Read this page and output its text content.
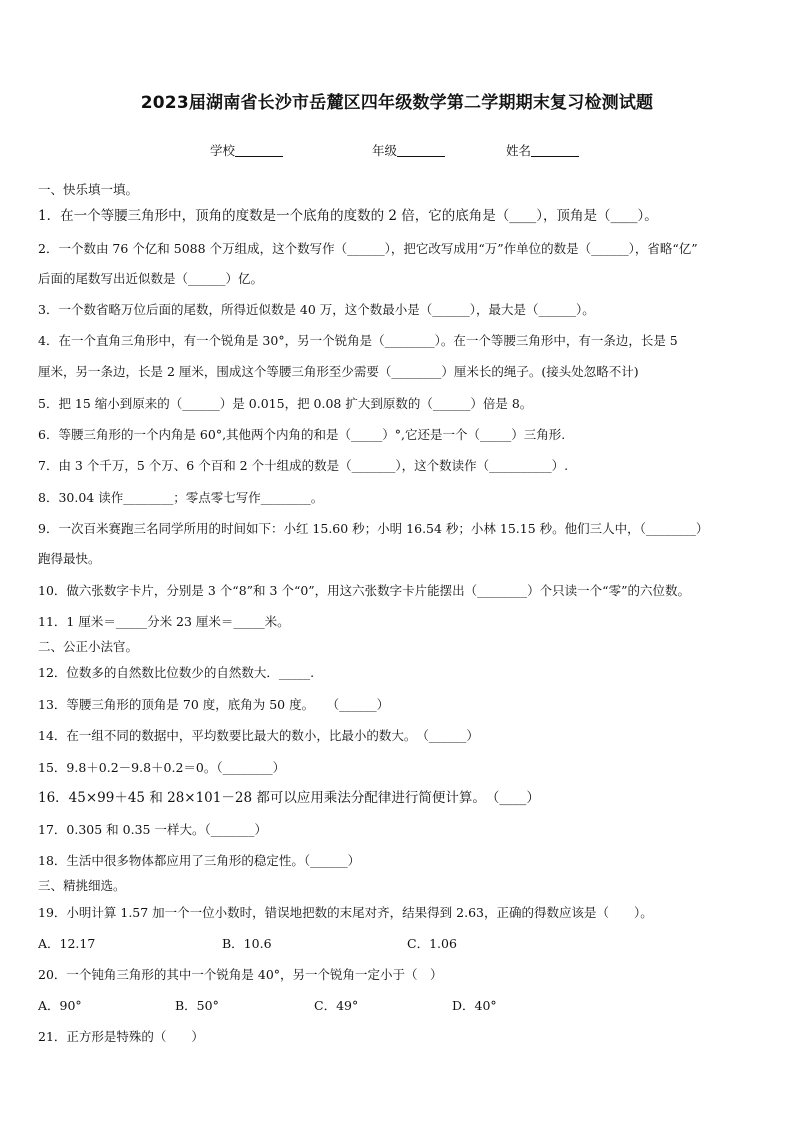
2023届湖南省长沙市岳麓区四年级数学第二学期期末复习检测试题
学校	年级	姓名
一、快乐填一填。
1．在一个等腰三角形中，顶角的度数是一个底角的度数的 2 倍，它的底角是（____），顶角是（____）。
2．一个数由 76 个亿和 5088 个万组成，这个数写作（______），把它改写成用“万”作单位的数是（______），省略“亿”
后面的尾数写出近似数是（______）亿。
3．一个数省略万位后面的尾数，所得近似数是 40 万，这个数最小是（______），最大是（______）。
4．在一个直角三角形中，有一个锐角是 30°，另一个锐角是（________）。在一个等腰三角形中，有一条边，长是 5
厘米，另一条边，长是 2 厘米，围成这个等腰三角形至少需要（________）厘米长的绳子。(接头处忽略不计)
5．把 15 缩小到原来的（______）是 0.015，把 0.08 扩大到原数的（______）倍是 8。
6．等腰三角形的一个内角是 60°,其他两个内角的和是（_____）°,它还是一个（_____）三角形.
7．由 3 个千万，5 个万、6 个百和 2 个十组成的数是（_______），这个数读作（__________）.
8．30.04 读作________；零点零七写作________。
9．一次百米赛跑三名同学所用的时间如下：小红 15.60 秒；小明 16.54 秒；小林 15.15 秒。他们三人中，（________）
跑得最快。
10．做六张数字卡片，分别是 3 个“8”和 3 个“0”，用这六张数字卡片能摆出（________）个只读一个“零”的六位数。
11．1 厘米＝_____分米 23 厘米＝_____米。
二、公正小法官。
12．位数多的自然数比位数少的自然数大．_____.
13．等腰三角形的顶角是 70 度，底角为 50 度。　　（______）
14．在一组不同的数据中，平均数要比最大的数小，比最小的数大。　（______）
15．9.8＋0.2－9.8＋0.2＝0。（________）
16．45×99＋45 和 28×101－28 都可以应用乘法分配律进行简便计算。　（____）
17．0.305 和 0.35 一样大。（_______）
18．生活中很多物体都应用了三角形的稳定性。（______）
三、精挑细选。
19．小明计算 1.57 加一个一位小数时，错误地把数的末尾对齐，结果得到 2.63，正确的得数应该是（　　）。
A．12.17	B．10.6	C．1.06
20．一个钝角三角形的其中一个锐角是 40°，另一个锐角一定小于（　）
A．90°	B．50°	C．49°	D．40°
21．正方形是特殊的（　　）
